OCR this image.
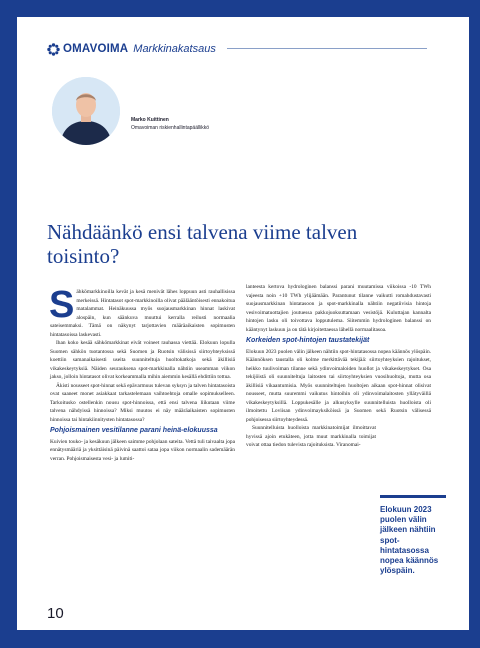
OMAVOIMA Markkinakatsaus
Marko Kuittinen
Omavoiman riskienhallintapäällikkö
Nähdäänkö ensi talvena viime talven toisinto?
S ähkömarkkinoilla kevät ja kesä menivät lähes loppuun asti rauhallisissa merkeissä. Hintatasot spot-markkinoilla olivat päälääntöisesti ennakoitua matalammat. Heinäkuussa myös suojausmarkkinan hinnat laskivat alospäin, kun säänkuva muuttui kerralla reilusti normaalia sateisemmaksi. Tämä on näkynyt tarjottavien määräaikaisten sopimusten hintatasoissa laskevasti.

Ihan koko kesää sähkömarkkinat eivät voineet rauhassa viettää. Elokuun lopulla Suomen sähkön tuotantossa sekä Suomen ja Ruotsin välisissä siirtoyhteyksissä koettiin samanaikaisesti useita suunniteltuja huoltokatkoja sekä äkillisiä vikakeskeytyksiä. Näiden seurauksena spot-markkinalla nähtiin useamman viikon jakso, jolloin hintatasot olivat korkeammalla mihin aiemmin kesällä ehdittiin tottua.

Äkisti nousseet spot-hinnat sekä epävarmuus tulevan syksyn ja talven hintatasoista ovat saaneet monet asiakkaat tarkastelemaan vaihtoehtoja omalle sopimukselleen. Tarkoitusko ostellenkin nousu spot-hinnoissa, että ensi talvena liikutaan viime talvena nähdyissä hinnoissa? Miksi muutos ei näy määräaikaisten sopimusten hinnoissa tai hintakiinnitysten hintatasossa?

Pohjoismainen vesitilanne parani heinä-elokuussa

Kuivien touko- ja kesäkuun jälkeen saimme pohjolaan sateita. Vettä tuli taivaalta jopa ennätysmääriä ja yksittäisinä päivinä saattoi sataa jopa viikon normaalin sademäärän verran. Pohjoismaisesta vesi- ja lumiti-

lanteesta kertova hydrologinen balanssi parani muutamissa viikoissa -10 TWh vajeesta noin +10 TWh ylijäämään. Parantunut tilanne vaikutti romahdustavasti suojausmarkkinan hintatasoon ja spot-markkinalla nähtiin negatiivisia hintoja vesivoimatuottajien joutuessa pakkojuoksuttamaan vesistöjä. Kuluttajan kannalta hintojen lasku oli toivottava lopputulema. Siitemmin hydrologinen balanssi on kääntynyt laskuun ja on tätä kirjoitettaessa lähellä normaalitasoa.

Korkeiden spot-hintojen taustatekijät

Elokuun 2023 puolen välin jälkeen nähtiin spot-hintatasossa nopea käännös ylöspäin. Käännöksen taustalla oli kolme merkittävää tekijää: siirtoyhteyksien rajoitukset, heikko tuulivoiman tilanne sekä ydinvoimaloiden huollot ja vikakeskeytykset. Osa tekijöistä oli suunniteltuja laitosten tai siirtoyhteyksien vuosihuoltoja, mutta osa äkillisiä vikaantumisia. Myös suunniteltujen huoltojen aikaan spot-hinnat olisivat nousseet, mutta suuremmi vaikutus hintoihin oli ydinvoimalaitosten yllätyväillä vikakeskeytyksillä. Loppukesälle ja alkusyksylle suunnitelluista huolloista oli ilmoitettu Loviisan ydinvoimayksiköissä ja Suomen sekä Ruotsin välisessä pohjoisessa siirtoyhteydessä.

Suunnitelluista huolloista markkinatoimijat ilmoittavat hyvissä ajoin etukäteen, jotta muut markkinalla toimijat voivat ottaa tiedon tulevista rajoituksista. Viranomai-

Elokuun 2023 puolen välin jälkeen nähtiin spot-hintatasossa nopea käännös ylöspäin.
10
